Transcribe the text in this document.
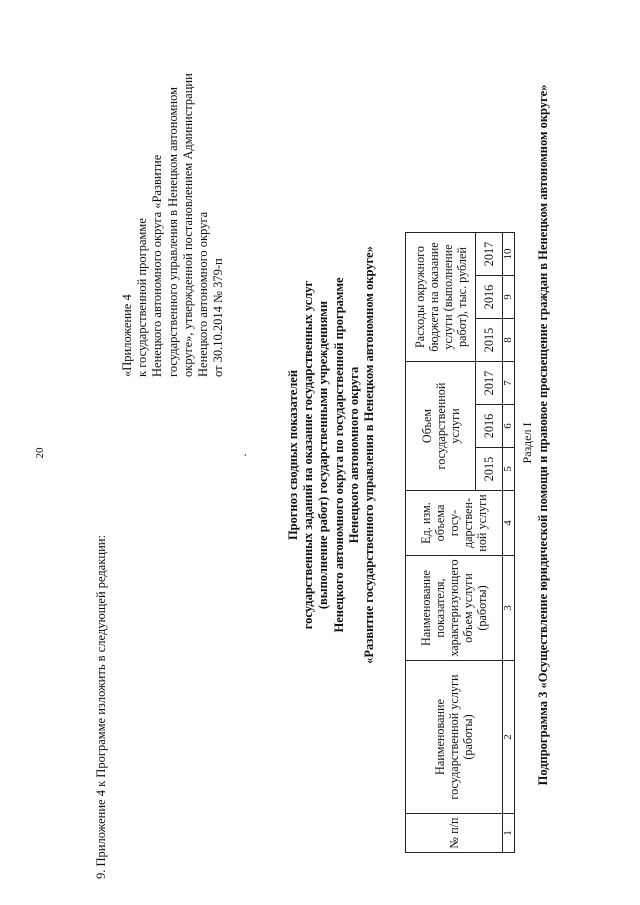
20
9. Приложение 4 к Программе изложить в следующей редакции:
«Приложение 4 к государственной программе Ненецкого автономного округа «Развитие государственного управления в Ненецком автономном округе», утвержденной постановлением Администрации Ненецкого автономного округа от 30.10.2014 № 379-п
·	Прогноз сводных показателей государственных заданий на оказание государственных услуг (выполнение работ) государственными учреждениями Ненецкого автономного округа по государственной программе Ненецкого автономного округа «Развитие государственного управления в Ненецком автономном округе»
№ п/п	Наименование государственной услуги (работы)	Наименование показателя, характеризующего объем услуги (работы)	Ед. изм. объема госу-дарствен-ной услуги	Объем государственной услуги			Расходы окружного бюджета на оказание услуги (выполнение работ), тыс. рублей		
				2015	2016	2017	2015	2016	2017
1	2	3	4	5	6	7	8	9	10
Раздел I Подпрограмма 3 «Осуществление юридической помощи и правовое просвещение граждан в Ненецком автономном округе»
